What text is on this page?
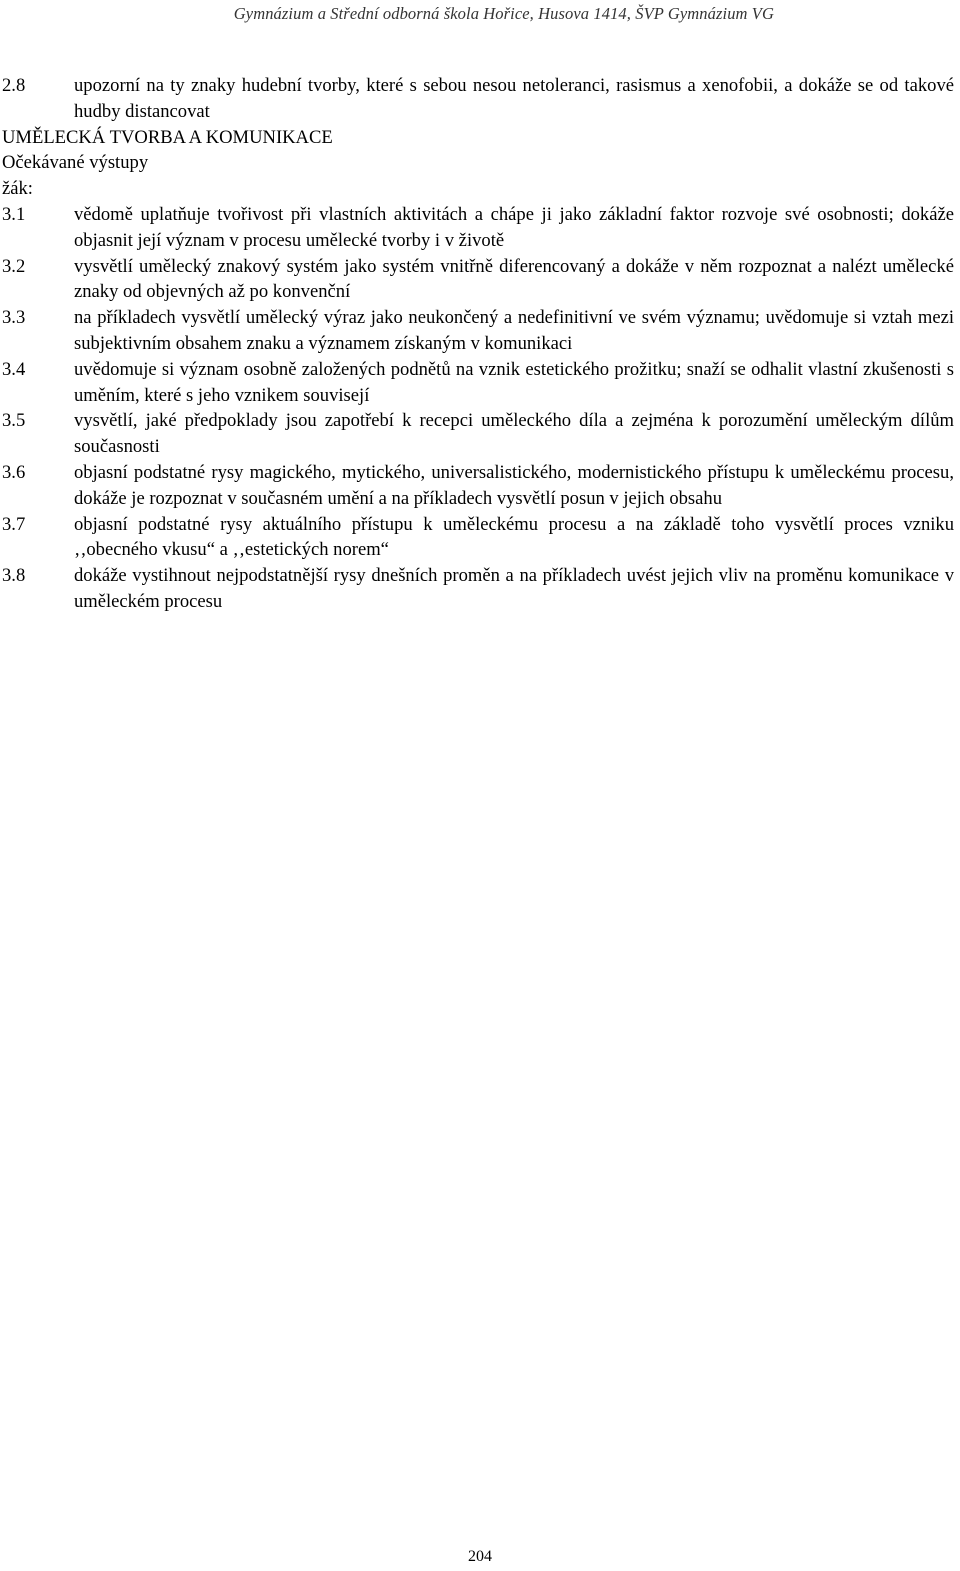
Gymnázium a Střední odborná škola Hořice, Husova 1414, ŠVP Gymnázium VG
2.8	upozorní na ty znaky hudební tvorby, které s sebou nesou netoleranci, rasismus a xenofobii, a dokáže se od takové hudby distancovat
UMĚLECKÁ TVORBA A KOMUNIKACE
Očekávané výstupy
žák:
3.1	vědomě uplatňuje tvořivost při vlastních aktivitách a chápe ji jako základní faktor rozvoje své osobnosti; dokáže objasnit její význam v procesu umělecké tvorby i v životě
3.2	vysvětlí umělecký znakový systém jako systém vnitřně diferencovaný a dokáže v něm rozpoznat a nalézt umělecké znaky od objevných až po konvenční
3.3	na příkladech vysvětlí umělecký výraz jako neukončený a nedefinitivní ve svém významu; uvědomuje si vztah mezi subjektivním obsahem znaku a významem získaným v komunikaci
3.4	uvědomuje si význam osobně založených podnětů na vznik estetického prožitku; snaží se odhalit vlastní zkušenosti s uměním, které s jeho vznikem souvisejí
3.5	vysvětlí, jaké předpoklady jsou zapotřebí k recepci uměleckého díla a zejména k porozumění uměleckým dílům současnosti
3.6	objasní podstatné rysy magického, mytického, universalistického, modernistického přístupu k uměleckému procesu, dokáže je rozpoznat v současném umění a na příkladech vysvětlí posun v jejich obsahu
3.7	objasní podstatné rysy aktuálního přístupu k uměleckému procesu a na základě toho vysvětlí proces vzniku ‚‚obecného vkusu“ a ‚‚estetických norem“
3.8	dokáže vystihnout nejpodstatnější rysy dnešních proměn a na příkladech uvést jejich vliv na proměnu komunikace v uměleckém procesu
204
